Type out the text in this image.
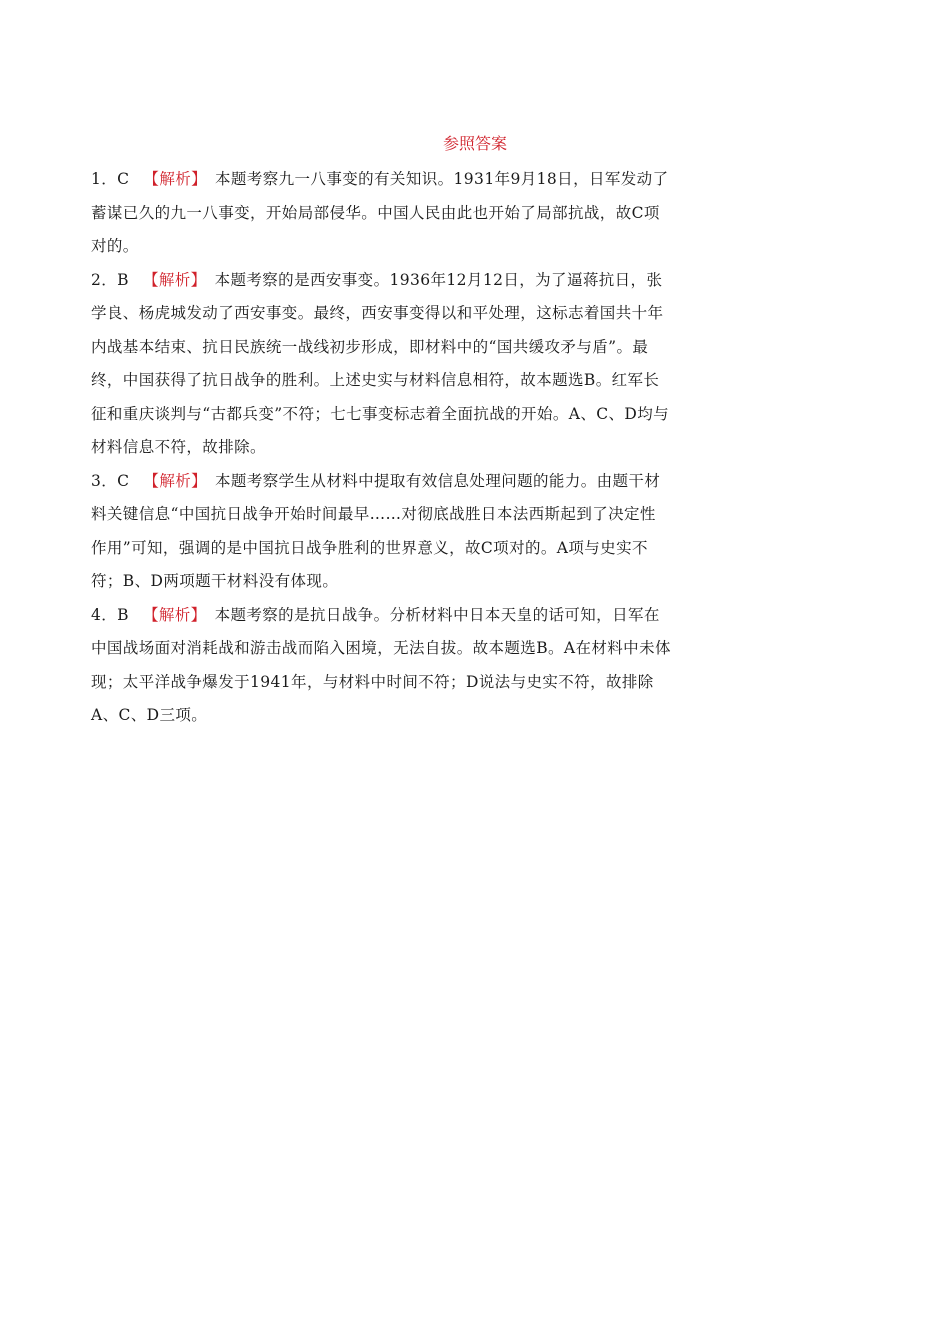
参照答案

1．C 【解析】 本题考察九一八事变的有关知识。1931年9月18日，日军发动了蓄谋已久的九一八事变，开始局部侵华。中国人民由此也开始了局部抗战，故C项对的。

2．B 【解析】 本题考察的是西安事变。1936年12月12日，为了逼蒋抗日，张学良、杨虎城发动了西安事变。最终，西安事变得以和平处理，这标志着国共十年内战基本结束、抗日民族统一战线初步形成，即材料中的“国共缓攻矛与盾”。最终，中国获得了抗日战争的胜利。上述史实与材料信息相符，故本题选B。红军长征和重庆谈判与“古都兵变”不符；七七事变标志着全面抗战的开始。A、C、D均与材料信息不符，故排除。

3．C 【解析】 本题考察学生从材料中提取有效信息处理问题的能力。由题干材料关键信息“中国抗日战争开始时间最早……对彻底战胜日本法西斯起到了决定性作用”可知，强调的是中国抗日战争胜利的世界意义，故C项对的。A项与史实不符；B、D两项题干材料没有体现。

4．B 【解析】 本题考察的是抗日战争。分析材料中日本天皇的话可知，日军在中国战场面对消耗战和游击战而陷入困境，无法自拔。故本题选B。A在材料中未体现；太平洋战争爆发于1941年，与材料中时间不符；D说法与史实不符，故排除A、C、D三项。
